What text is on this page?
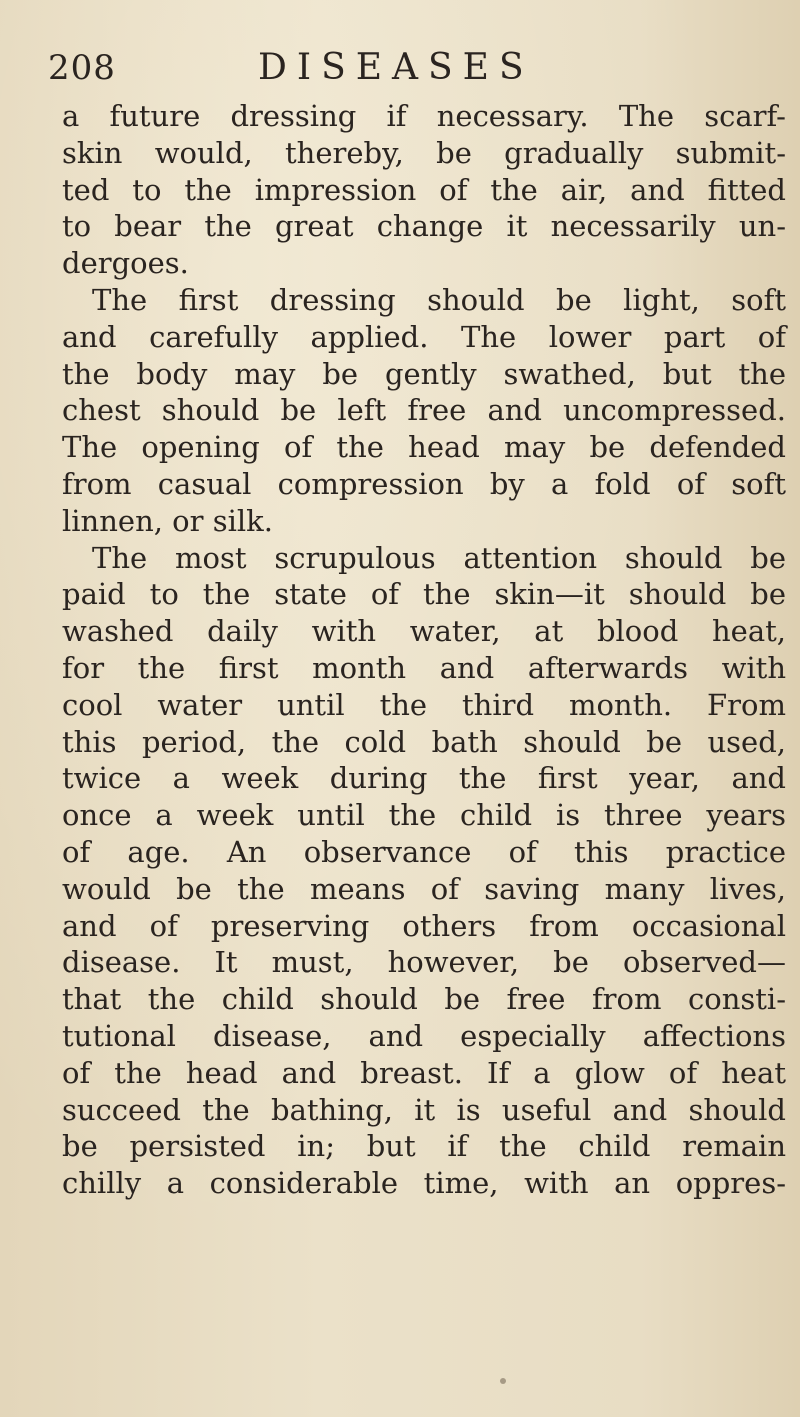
208	DISEASES
a future dressing if necessary. The scarf-
skin would, thereby, be gradually submit-
ted to the impression of the air, and fitted
to bear the great change it necessarily un-
dergoes.
The first dressing should be light, soft
and carefully applied. The lower part of
the body may be gently swathed, but the
chest should be left free and uncompressed.
The opening of the head may be defended
from casual compression by a fold of soft
linnen, or silk.
The most scrupulous attention should be
paid to the state of the skin—it should be
washed daily with water, at blood heat,
for the first month and afterwards with
cool water until the third month. From
this period, the cold bath should be used,
twice a week during the first year, and
once a week until the child is three years
of age. An observance of this practice
would be the means of saving many lives,
and of preserving others from occasional
disease. It must, however, be observed—
that the child should be free from consti-
tutional disease, and especially affections
of the head and breast. If a glow of heat
succeed the bathing, it is useful and should
be persisted in; but if the child remain
chilly a considerable time, with an oppres-
